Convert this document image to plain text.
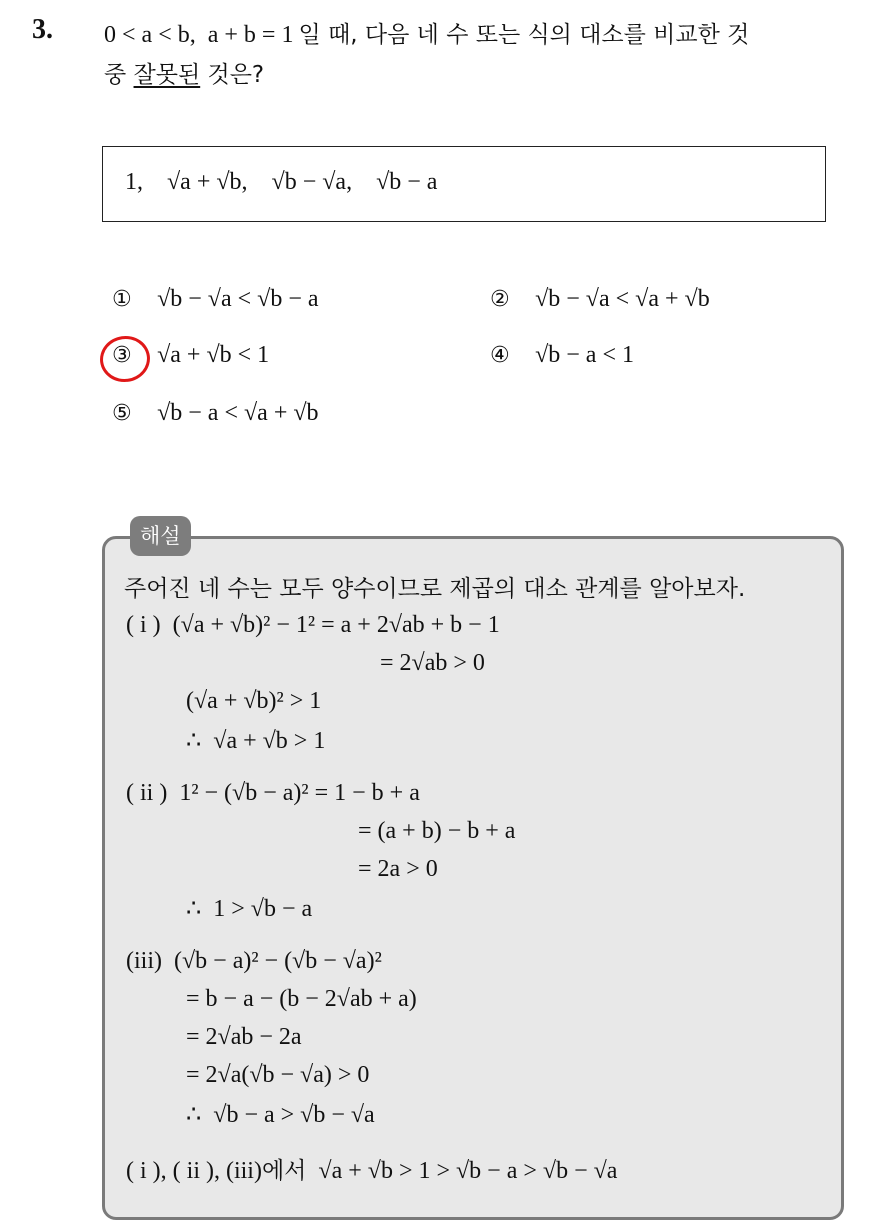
3. 0 < a < b,  a + b = 1 일 때, 다음 네 수 또는 식의 대소를 비교한 것
중 잘못된 것은?
1,    √a + √b,    √b − √a,    √b − a
① √b − √a < √b − a	② √b − √a < √a + √b
③ √a + √b < 1	④ √b − a < 1
⑤ √b − a < √a + √b
해설
주어진 네 수는 모두 양수이므로 제곱의 대소 관계를 알아보자.
( i )  (√a + √b)² − 1² = a + 2√ab + b − 1
= 2√ab > 0
(√a + √b)² > 1
∴  √a + √b > 1
( ii )  1² − (√b − a)² = 1 − b + a
= (a + b) − b + a
= 2a > 0
∴  1 > √b − a
(iii)  (√b − a)² − (√b − √a)²
= b − a − (b − 2√ab + a)
= 2√ab − 2a
= 2√a(√b − √a) > 0
∴  √b − a > √b − √a
( i ), ( ii ), (iii)에서  √a + √b > 1 > √b − a > √b − √a
